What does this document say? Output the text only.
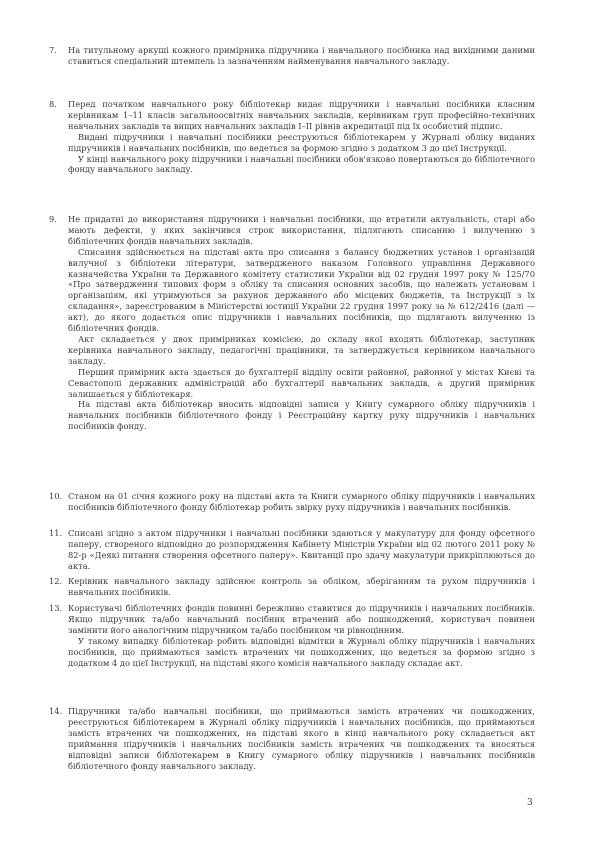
7.	На титульному аркуші кожного примірника підручника і навчального посібника над вихідними даними ставиться спеціальний штемпель із зазначенням найменування навчального закладу.

8.	Перед початком навчального року бібліотекар видає підручники і навчальні посібники класним керівникам 1–11 класів загальноосвітніх навчальних закладів, керівникам груп професійно-технічних навчальних закладів та вищих навчальних закладів I–II рівнів акредитації під їх особистий підпис.

Видані підручники і навчальні посібники реєструються бібліотекарем у Журналі обліку виданих підручників і навчальних посібників, що ведеться за формою згідно з додатком 3 до цієї Інструкції.

У кінці навчального року підручники і навчальні посібники обов'язково повертаються до бібліотечного фонду навчального закладу.

9.	Не придатні до використання підручники і навчальні посібники, що втратили актуальність, старі або мають дефекти, у яких закінчився строк використання, підлягають списанню і вилученню з бібліотечних фондів навчальних закладів.

Списання здійснюється на підставі акта про списання з балансу бюджетних установ і організацій вилучної з бібліотеки літератури, затвердженого наказом Головного управління Державного казначейства України та Державного комітету статистики України від 02 грудня 1997 року № 125/70 «Про затвердження типових форм з обліку та списання основних засобів, що належать установам і організаціям, які утримуються за рахунок державного або місцевих бюджетів, та Інструкції з їх складання», зареєстрованим в Міністерстві юстиції України 22 грудня 1997 року за № 612/2416 (далі — акт), до якого додається опис підручників і навчальних посібників, що підлягають вилученню із бібліотечних фондів.

Акт складається у двох примірниках комісією, до складу якої входять бібліотекар, заступник керівника навчального закладу, педагогічні працівники, та затверджується керівником навчального закладу.

Перший примірник акта здається до бухгалтерії відділу освіти районної, районної у містах Києві та Севастополі державних адміністрацій або бухгалтерії навчальних закладів, а другий примірник залишається у бібліотекаря.

На підставі акта бібліотекар вносить відповідні записи у Книгу сумарного обліку підручників і навчальних посібників бібліотечного фонду і Реєстраційну картку руху підручників і навчальних посібників фонду.

10. Станом на 01 січня кожного року на підставі акта та Книги сумарного обліку підручників і навчальних посібників бібліотечного фонду бібліотекар робить звірку руху підручників і навчальних посібників.

11. Списані згідно з актом підручники і навчальні посібники здаються у макулатуру для фонду офсетного паперу, створеного відповідно до розпорядження Кабінету Міністрів України від 02 лютого 2011 року № 82-р «Деякі питання створення офсетного паперу». Квитанції про здачу макулатури прикріплюються до акта.

12. Керівник навчального закладу здійснює контроль за обліком, зберіганням та рухом підручників і навчальних посібників.

13. Користувачі бібліотечних фондів повинні бережливо ставитися до підручників і навчальних посібників. Якщо підручник та/або навчальний посібник втрачений або пошкоджений, користувач повинен замінити його аналогічним підручником та/або посібником чи рівноцінним.

У такому випадку бібліотекар робить відповідні відмітки в Журналі обліку підручників і навчальних посібників, що приймаються замість втрачених чи пошкоджених, що ведеться за формою згідно з додатком 4 до цієї Інструкції, на підставі якого комісія навчального закладу складає акт.

14. Підручники та/або навчальні посібники, що приймаються замість втрачених чи пошкоджених, реєструються бібліотекарем в Журналі обліку підручників і навчальних посібників, що приймаються замість втрачених чи пошкоджених, на підставі якого в кінці навчального року складається акт приймання підручників і навчальних посібників замість втрачених чи пошкоджених та вносяться відповідні записи бібліотекарем в Книгу сумарного обліку підручників і навчальних посібників бібліотечного фонду навчального закладу.

3
